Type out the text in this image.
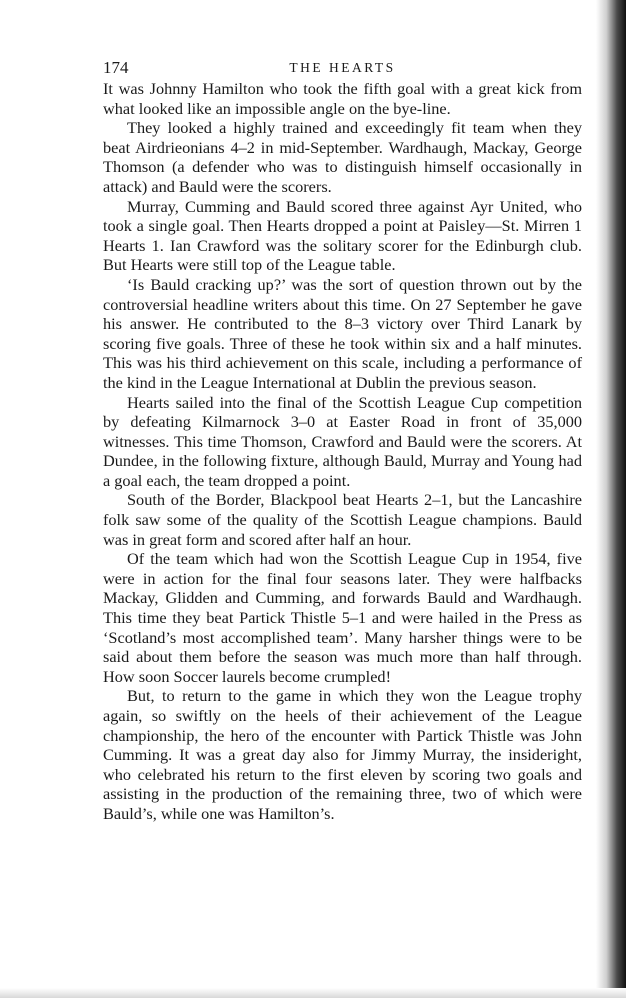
174	THE HEARTS

It was Johnny Hamilton who took the fifth goal with a great kick from what looked like an impossible angle on the bye-line.

They looked a highly trained and exceedingly fit team when they beat Airdrieonians 4–2 in mid-September. Wardhaugh, Mackay, George Thomson (a defender who was to distinguish himself occasionally in attack) and Bauld were the scorers.

Murray, Cumming and Bauld scored three against Ayr United, who took a single goal. Then Hearts dropped a point at Paisley—St. Mirren 1 Hearts 1. Ian Crawford was the solitary scorer for the Edinburgh club. But Hearts were still top of the League table.

‘Is Bauld cracking up?’ was the sort of question thrown out by the controversial headline writers about this time. On 27 September he gave his answer. He contributed to the 8–3 victory over Third Lanark by scoring five goals. Three of these he took within six and a half minutes. This was his third achievement on this scale, including a performance of the kind in the League International at Dublin the previous season.

Hearts sailed into the final of the Scottish League Cup competition by defeating Kilmarnock 3–0 at Easter Road in front of 35,000 witnesses. This time Thomson, Crawford and Bauld were the scorers. At Dundee, in the following fixture, although Bauld, Murray and Young had a goal each, the team dropped a point.

South of the Border, Blackpool beat Hearts 2–1, but the Lancashire folk saw some of the quality of the Scottish League champions. Bauld was in great form and scored after half an hour.

Of the team which had won the Scottish League Cup in 1954, five were in action for the final four seasons later. They were halfbacks Mackay, Glidden and Cumming, and forwards Bauld and Wardhaugh. This time they beat Partick Thistle 5–1 and were hailed in the Press as ‘Scotland’s most accomplished team’. Many harsher things were to be said about them before the season was much more than half through. How soon Soccer laurels become crumpled!

But, to return to the game in which they won the League trophy again, so swiftly on the heels of their achievement of the League championship, the hero of the encounter with Partick Thistle was John Cumming. It was a great day also for Jimmy Murray, the insideright, who celebrated his return to the first eleven by scoring two goals and assisting in the production of the remaining three, two of which were Bauld’s, while one was Hamilton’s.
